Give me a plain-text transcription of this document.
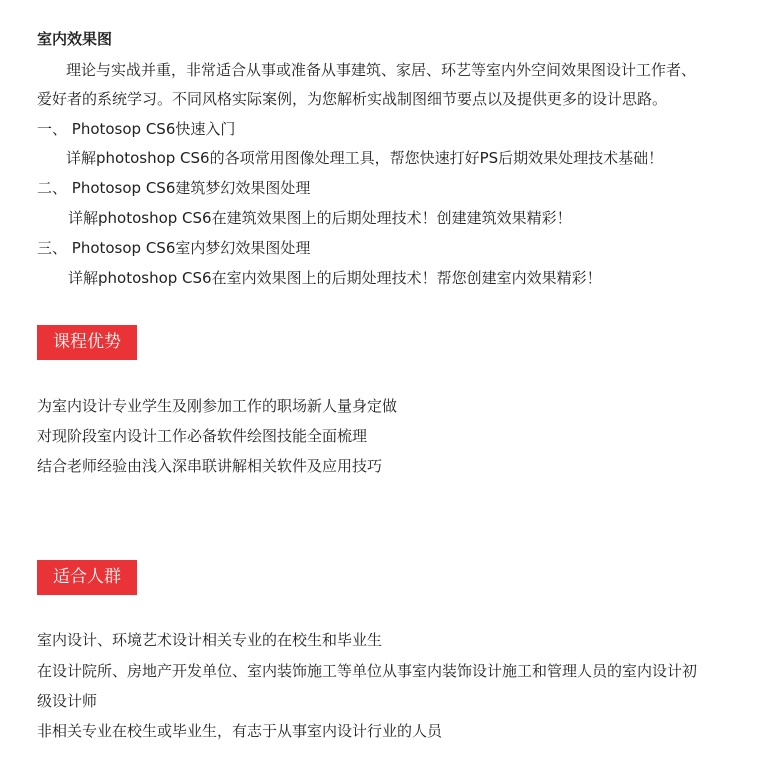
室内效果图
理论与实战并重，非常适合从事或准备从事建筑、家居、环艺等室内外空间效果图设计工作者、
爱好者的系统学习。不同风格实际案例，为您解析实战制图细节要点以及提供更多的设计思路。
一、 Photosop CS6快速入门
详解photoshop CS6的各项常用图像处理工具，帮您快速打好PS后期效果处理技术基础！
二、 Photosop CS6建筑梦幻效果图处理
详解photoshop CS6在建筑效果图上的后期处理技术！创建建筑效果精彩！
三、 Photosop CS6室内梦幻效果图处理
详解photoshop CS6在室内效果图上的后期处理技术！帮您创建室内效果精彩！
课程优势
为室内设计专业学生及刚参加工作的职场新人量身定做
对现阶段室内设计工作必备软件绘图技能全面梳理
结合老师经验由浅入深串联讲解相关软件及应用技巧
适合人群
室内设计、环境艺术设计相关专业的在校生和毕业生
在设计院所、房地产开发单位、室内装饰施工等单位从事室内装饰设计施工和管理人员的室内设计初
级设计师
非相关专业在校生或毕业生，有志于从事室内设计行业的人员
